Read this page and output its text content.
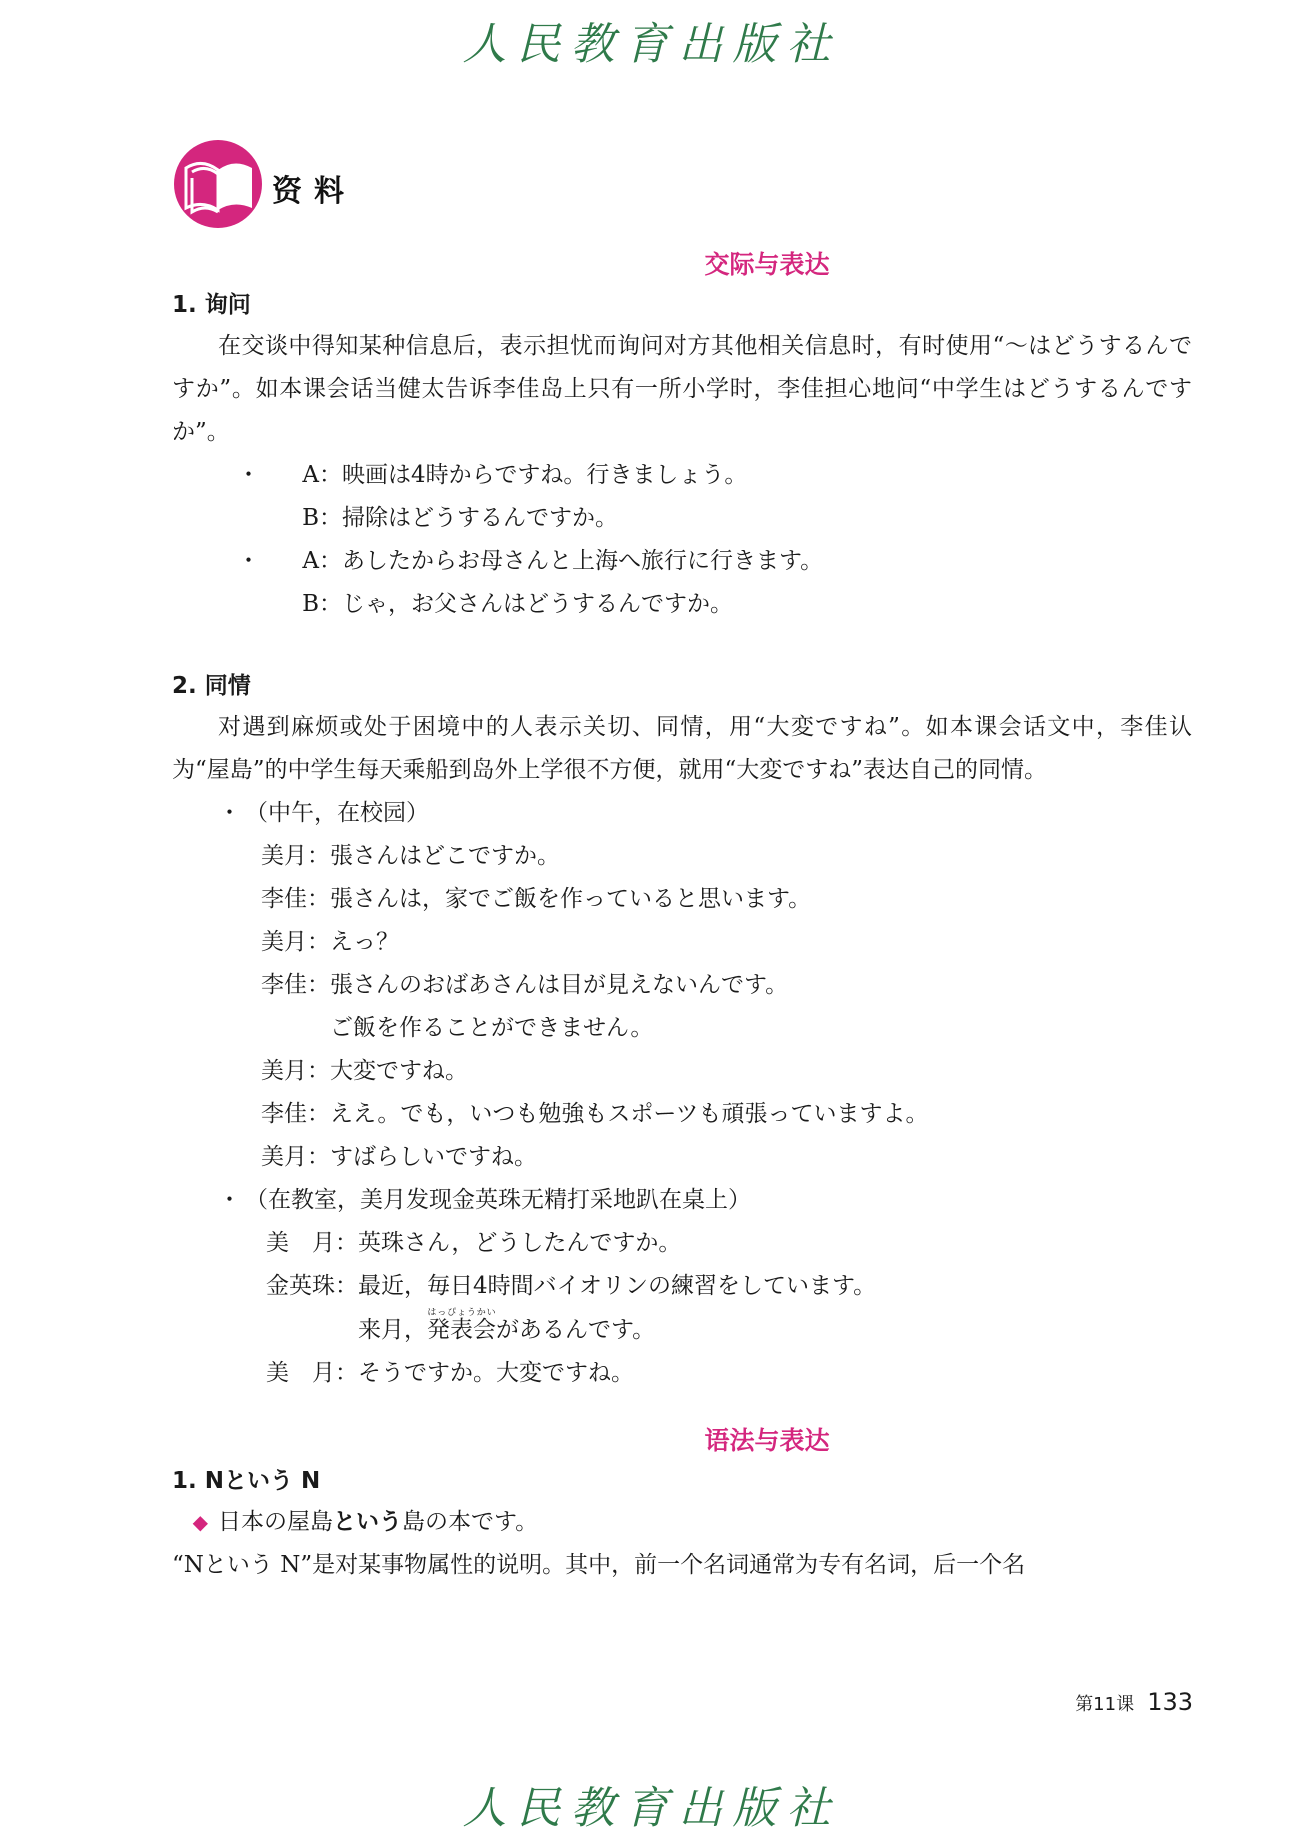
人民教育出版社
资料
交际与表达
1. 询问

在交谈中得知某种信息后，表示担忧而询问对方其他相关信息时，有时使用“～はどうするんですか”。如本课会话当健太告诉李佳岛上只有一所小学时，李佳担心地问“中学生はどうするんですか”。

・ A：映画は4時からですね。行きましょう。
B：掃除はどうするんですか。
・ A：あしたからお母さんと上海へ旅行に行きます。
B：じゃ，お父さんはどうするんですか。
2. 同情

对遇到麻烦或处于困境中的人表示关切、同情，用“大変ですね”。如本课会话文中，李佳认为“屋島”的中学生每天乘船到岛外上学很不方便，就用“大変ですね”表达自己的同情。

・ （中午，在校园）
美月：張さんはどこですか。
李佳：張さんは，家でご飯を作っていると思います。
美月：えっ？
李佳：張さんのおばあさんは目が見えないんです。
ご飯を作ることができません。
美月：大変ですね。
李佳：ええ。でも，いつも勉強もスポーツも頑張っていますよ。
美月：すばらしいですね。
・ （在教室，美月发现金英珠无精打采地趴在桌上）
美　月：英珠さん，どうしたんですか。
金英珠：最近，毎日4時間バイオリンの練習をしています。
来月，発表会はっぴょうかいがあるんです。
美　月：そうですか。大変ですね。
语法与表达
1. Nという N
◆ 日本の屋島という島の本です。
“Nという N”是对某事物属性的说明。其中，前一个名词通常为专有名词，后一个名
第11课 133
人民教育出版社
